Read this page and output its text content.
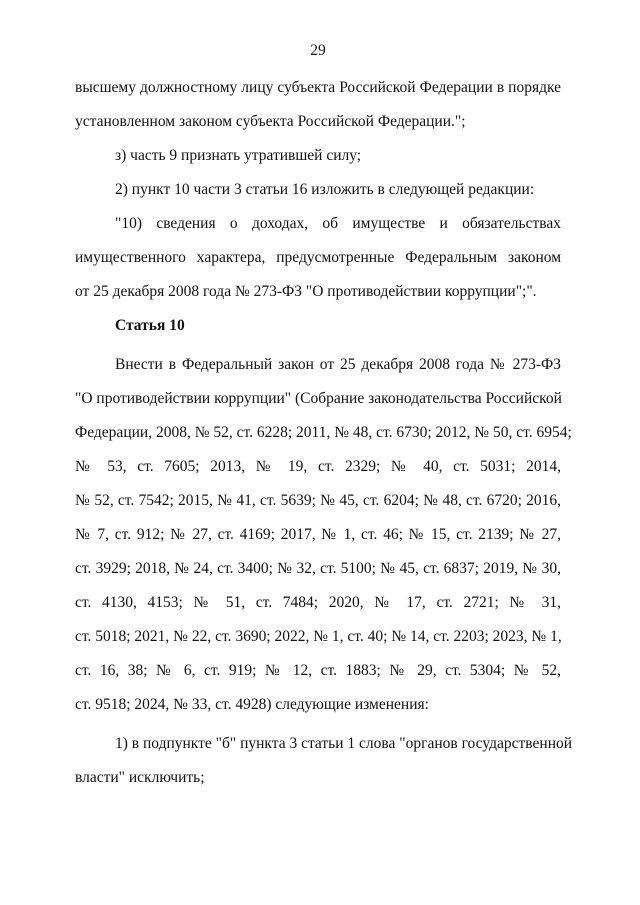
29
высшему должностному лицу субъекта Российской Федерации в порядке
установленном законом субъекта Российской Федерации.";
з) часть 9 признать утратившей силу;
2) пункт 10 части 3 статьи 16 изложить в следующей редакции:
"10) сведения о доходах, об имуществе и обязательствах
имущественного характера, предусмотренные Федеральным законом
от 25 декабря 2008 года № 273-ФЗ "О противодействии коррупции";".
Статья 10
Внести в Федеральный закон от 25 декабря 2008 года № 273-ФЗ
"О противодействии коррупции" (Собрание законодательства Российской
Федерации, 2008, № 52, ст. 6228; 2011, № 48, ст. 6730; 2012, № 50, ст. 6954;
№ 53, ст. 7605; 2013, № 19, ст. 2329; № 40, ст. 5031; 2014,
№ 52, ст. 7542; 2015, № 41, ст. 5639; № 45, ст. 6204; № 48, ст. 6720; 2016,
№ 7, ст. 912; № 27, ст. 4169; 2017, № 1, ст. 46; № 15, ст. 2139; № 27,
ст. 3929; 2018, № 24, ст. 3400; № 32, ст. 5100; № 45, ст. 6837; 2019, № 30,
ст. 4130, 4153; № 51, ст. 7484; 2020, № 17, ст. 2721; № 31,
ст. 5018; 2021, № 22, ст. 3690; 2022, № 1, ст. 40; № 14, ст. 2203; 2023, № 1,
ст. 16, 38; № 6, ст. 919; № 12, ст. 1883; № 29, ст. 5304; № 52,
ст. 9518; 2024, № 33, ст. 4928) следующие изменения:
1) в подпункте "б" пункта 3 статьи 1 слова "органов государственной
власти" исключить;
